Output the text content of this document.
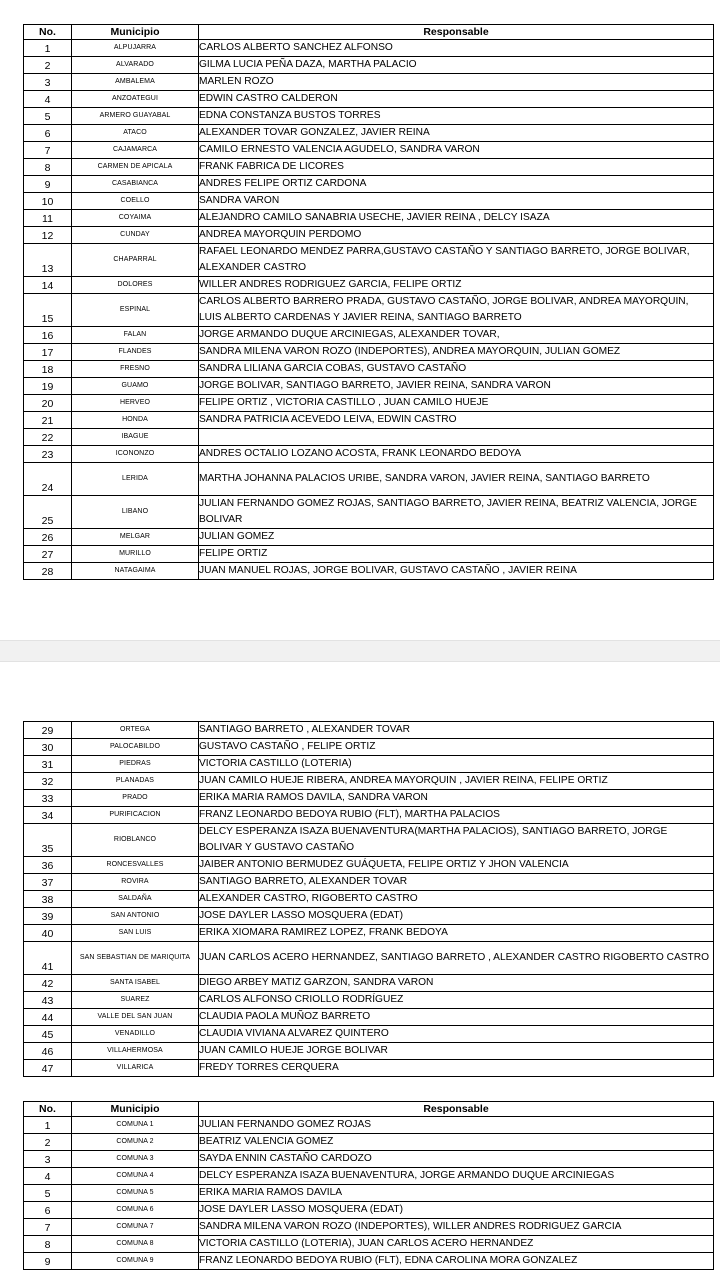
No.	Municipio	Responsable
1	ALPUJARRA	CARLOS ALBERTO SANCHEZ ALFONSO
2	ALVARADO	GILMA LUCIA PEÑA DAZA, MARTHA PALACIO
3	AMBALEMA	MARLEN ROZO
4	ANZOATEGUI	EDWIN CASTRO CALDERON
5	ARMERO GUAYABAL	EDNA CONSTANZA BUSTOS TORRES
6	ATACO	ALEXANDER TOVAR GONZALEZ, JAVIER REINA
7	CAJAMARCA	CAMILO ERNESTO VALENCIA AGUDELO, SANDRA VARON
8	CARMEN DE APICALA	FRANK FABRICA DE LICORES
9	CASABIANCA	ANDRES FELIPE ORTIZ CARDONA
10	COELLO	SANDRA VARON
11	COYAIMA	ALEJANDRO CAMILO SANABRIA USECHE, JAVIER REINA , DELCY ISAZA
12	CUNDAY	ANDREA MAYORQUIN PERDOMO
13	CHAPARRAL	RAFAEL LEONARDO MENDEZ PARRA,GUSTAVO CASTAÑO Y SANTIAGO BARRETO, JORGE BOLIVAR, ALEXANDER CASTRO
14	DOLORES	WILLER ANDRES RODRIGUEZ GARCIA, FELIPE ORTIZ
15	ESPINAL	CARLOS ALBERTO BARRERO PRADA, GUSTAVO CASTAÑO, JORGE BOLIVAR, ANDREA MAYORQUIN, LUIS ALBERTO CARDENAS Y JAVIER REINA, SANTIAGO BARRETO
16	FALAN	JORGE ARMANDO DUQUE ARCINIEGAS, ALEXANDER TOVAR,
17	FLANDES	SANDRA MILENA VARON ROZO (INDEPORTES), ANDREA MAYORQUIN, JULIAN GOMEZ
18	FRESNO	SANDRA LILIANA GARCIA COBAS, GUSTAVO CASTAÑO
19	GUAMO	JORGE BOLIVAR, SANTIAGO BARRETO, JAVIER REINA, SANDRA VARON
20	HERVEO	FELIPE ORTIZ , VICTORIA CASTILLO , JUAN CAMILO HUEJE
21	HONDA	SANDRA PATRICIA ACEVEDO LEIVA, EDWIN CASTRO
22	IBAGUE	
23	ICONONZO	ANDRES OCTALIO LOZANO ACOSTA, FRANK LEONARDO BEDOYA
24	LERIDA	MARTHA JOHANNA PALACIOS URIBE, SANDRA VARON, JAVIER REINA, SANTIAGO BARRETO
25	LIBANO	JULIAN FERNANDO GOMEZ ROJAS, SANTIAGO BARRETO, JAVIER REINA, BEATRIZ VALENCIA, JORGE BOLIVAR
26	MELGAR	JULIAN GOMEZ
27	MURILLO	FELIPE ORTIZ
28	NATAGAIMA	JUAN MANUEL ROJAS, JORGE BOLIVAR, GUSTAVO CASTAÑO , JAVIER REINA
29	ORTEGA	SANTIAGO BARRETO , ALEXANDER TOVAR
30	PALOCABILDO	GUSTAVO CASTAÑO , FELIPE ORTIZ
31	PIEDRAS	VICTORIA CASTILLO (LOTERIA)
32	PLANADAS	JUAN CAMILO HUEJE RIBERA, ANDREA MAYORQUIN , JAVIER REINA, FELIPE ORTIZ
33	PRADO	ERIKA MARIA RAMOS DAVILA, SANDRA VARON
34	PURIFICACION	FRANZ LEONARDO BEDOYA RUBIO (FLT), MARTHA PALACIOS
35	RIOBLANCO	DELCY ESPERANZA ISAZA BUENAVENTURA(MARTHA PALACIOS), SANTIAGO BARRETO, JORGE BOLIVAR Y GUSTAVO CASTAÑO
36	RONCESVALLES	JAIBER ANTONIO BERMUDEZ GUÁQUETA, FELIPE ORTIZ Y JHON VALENCIA
37	ROVIRA	SANTIAGO BARRETO, ALEXANDER TOVAR
38	SALDAÑA	ALEXANDER CASTRO, RIGOBERTO CASTRO
39	SAN ANTONIO	JOSE DAYLER LASSO MOSQUERA (EDAT)
40	SAN LUIS	ERIKA XIOMARA RAMIREZ LOPEZ, FRANK BEDOYA
41	SAN SEBASTIAN DE MARIQUITA	JUAN CARLOS ACERO HERNANDEZ, SANTIAGO BARRETO , ALEXANDER CASTRO RIGOBERTO CASTRO
42	SANTA ISABEL	DIEGO ARBEY MATIZ GARZON, SANDRA VARON
43	SUAREZ	CARLOS ALFONSO CRIOLLO RODRÍGUEZ
44	VALLE DEL SAN JUAN	CLAUDIA PAOLA MUÑOZ BARRETO
45	VENADILLO	CLAUDIA VIVIANA ALVAREZ QUINTERO
46	VILLAHERMOSA	JUAN CAMILO HUEJE JORGE BOLIVAR
47	VILLARICA	FREDY TORRES CERQUERA
No.	Municipio	Responsable
1	COMUNA 1	JULIAN FERNANDO GOMEZ ROJAS
2	COMUNA 2	BEATRIZ VALENCIA GOMEZ
3	COMUNA 3	SAYDA ENNIN CASTAÑO CARDOZO
4	COMUNA 4	DELCY ESPERANZA ISAZA BUENAVENTURA, JORGE ARMANDO DUQUE ARCINIEGAS
5	COMUNA 5	ERIKA MARIA RAMOS DAVILA
6	COMUNA 6	JOSE DAYLER LASSO MOSQUERA (EDAT)
7	COMUNA 7	SANDRA MILENA VARON ROZO (INDEPORTES), WILLER ANDRES RODRIGUEZ GARCIA
8	COMUNA 8	VICTORIA CASTILLO (LOTERIA), JUAN CARLOS ACERO HERNANDEZ
9	COMUNA 9	FRANZ LEONARDO BEDOYA RUBIO (FLT), EDNA CAROLINA MORA GONZALEZ
